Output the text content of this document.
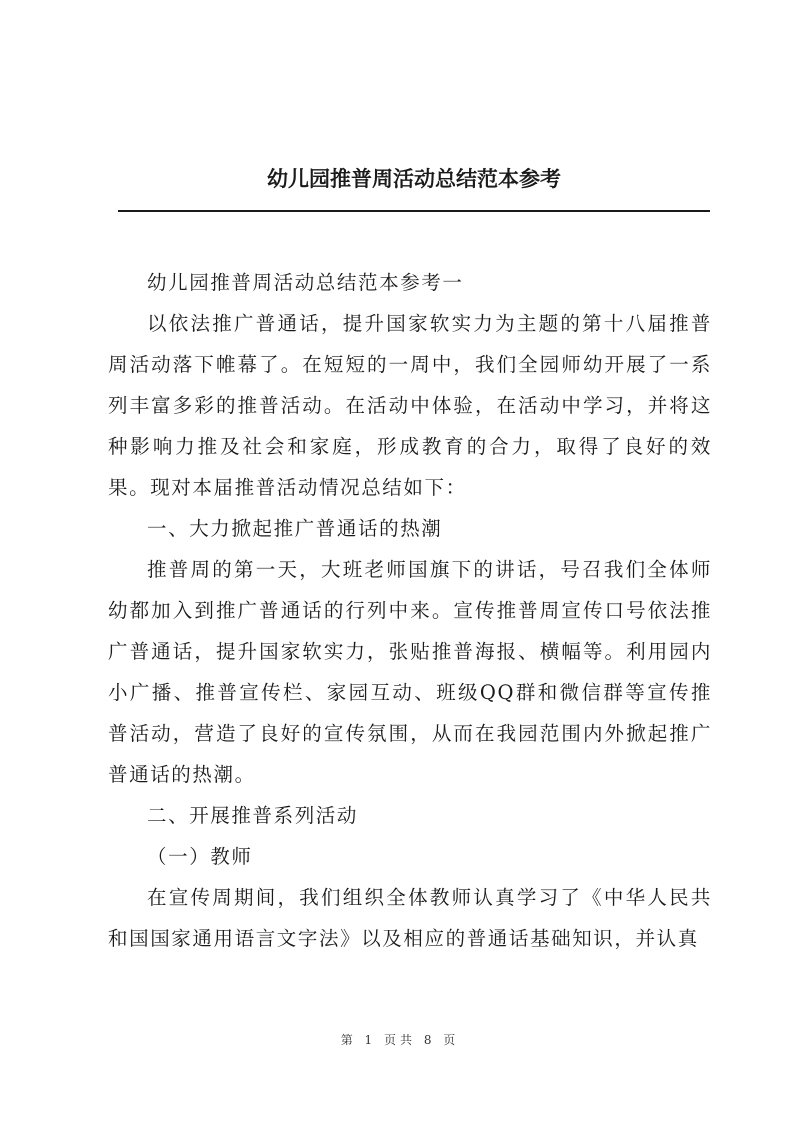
幼儿园推普周活动总结范本参考

幼儿园推普周活动总结范本参考一

以依法推广普通话，提升国家软实力为主题的第十八届推普周活动落下帷幕了。在短短的一周中，我们全园师幼开展了一系列丰富多彩的推普活动。在活动中体验，在活动中学习，并将这种影响力推及社会和家庭，形成教育的合力，取得了良好的效果。现对本届推普活动情况总结如下：

一、大力掀起推广普通话的热潮

推普周的第一天，大班老师国旗下的讲话，号召我们全体师幼都加入到推广普通话的行列中来。宣传推普周宣传口号依法推广普通话，提升国家软实力，张贴推普海报、横幅等。利用园内小广播、推普宣传栏、家园互动、班级QQ群和微信群等宣传推普活动，营造了良好的宣传氛围，从而在我园范围内外掀起推广普通话的热潮。

二、开展推普系列活动

（一）教师

在宣传周期间，我们组织全体教师认真学习了《中华人民共和国国家通用语言文字法》以及相应的普通话基础知识，并认真

第 1 页共 8 页
